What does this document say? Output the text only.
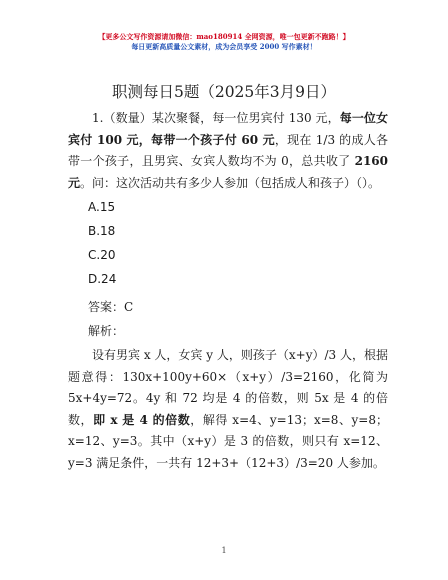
【更多公文写作资源请加微信：mao180914 全网资源，唯一包更新不跑路！】
每日更新高质量公文素材，成为会员享受 2000 写作素材！
职测每日5题（2025年3月9日）
1.（数量）某次聚餐，每一位男宾付 130 元，每一位女宾付 100 元，每带一个孩子付 60 元，现在 1/3 的成人各带一个孩子，且男宾、女宾人数均不为 0，总共收了 2160 元。问：这次活动共有多少人参加（包括成人和孩子）（）。
A.15
B.18
C.20
D.24
答案：C
解析：
设有男宾 x 人，女宾 y 人，则孩子（x+y）/3 人，根据题意得：130x+100y+60×（x+y）/3=2160，化简为 5x+4y=72。4y 和 72 均是 4 的倍数，则 5x 是 4 的倍数，即 x 是 4 的倍数，解得 x=4、y=13；x=8、y=8；x=12、y=3。其中（x+y）是 3 的倍数，则只有 x=12、y=3 满足条件，一共有 12+3+（12+3）/3=20 人参加。
1
